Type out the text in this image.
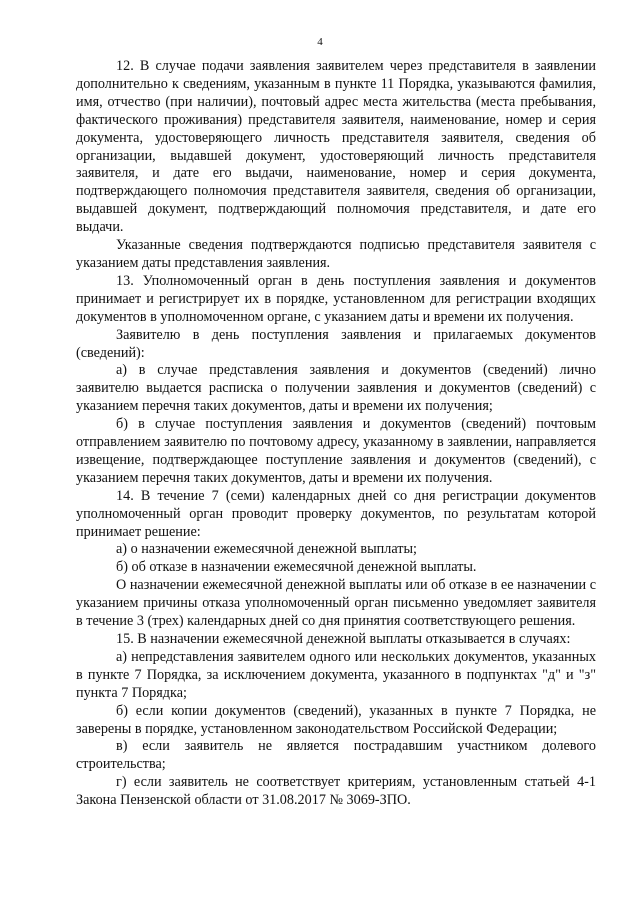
4

12. В случае подачи заявления заявителем через представителя в заявлении дополнительно к сведениям, указанным в пункте 11 Порядка, указываются фамилия, имя, отчество (при наличии), почтовый адрес места жительства (места пребывания, фактического проживания) представителя заявителя, наименование, номер и серия документа, удостоверяющего личность представителя заявителя, сведения об организации, выдавшей документ, удостоверяющий личность представителя заявителя, и дате его выдачи, наименование, номер и серия документа, подтверждающего полномочия представителя заявителя, сведения об организации, выдавшей документ, подтверждающий полномочия представителя, и дате его выдачи.

Указанные сведения подтверждаются подписью представителя заявителя с указанием даты представления заявления.

13. Уполномоченный орган в день поступления заявления и документов принимает и регистрирует их в порядке, установленном для регистрации входящих документов в уполномоченном органе, с указанием даты и времени их получения.

Заявителю в день поступления заявления и прилагаемых документов (сведений):

а) в случае представления заявления и документов (сведений) лично заявителю выдается расписка о получении заявления и документов (сведений) с указанием перечня таких документов, даты и времени их получения;

б) в случае поступления заявления и документов (сведений) почтовым отправлением заявителю по почтовому адресу, указанному в заявлении, направляется извещение, подтверждающее поступление заявления и документов (сведений), с указанием перечня таких документов, даты и времени их получения.

14. В течение 7 (семи) календарных дней со дня регистрации документов уполномоченный орган проводит проверку документов, по результатам которой принимает решение:

а) о назначении ежемесячной денежной выплаты;

б) об отказе в назначении ежемесячной денежной выплаты.

О назначении ежемесячной денежной выплаты или об отказе в ее назначении с указанием причины отказа уполномоченный орган письменно уведомляет заявителя в течение 3 (трех) календарных дней со дня принятия соответствующего решения.

15. В назначении ежемесячной денежной выплаты отказывается в случаях:

а) непредставления заявителем одного или нескольких документов, указанных в пункте 7 Порядка, за исключением документа, указанного в подпунктах "д" и "з" пункта 7 Порядка;

б) если копии документов (сведений), указанных в пункте 7 Порядка, не заверены в порядке, установленном законодательством Российской Федерации;

в) если заявитель не является пострадавшим участником долевого строительства;

г) если заявитель не соответствует критериям, установленным статьей 4-1 Закона Пензенской области от 31.08.2017 № 3069-ЗПО.
